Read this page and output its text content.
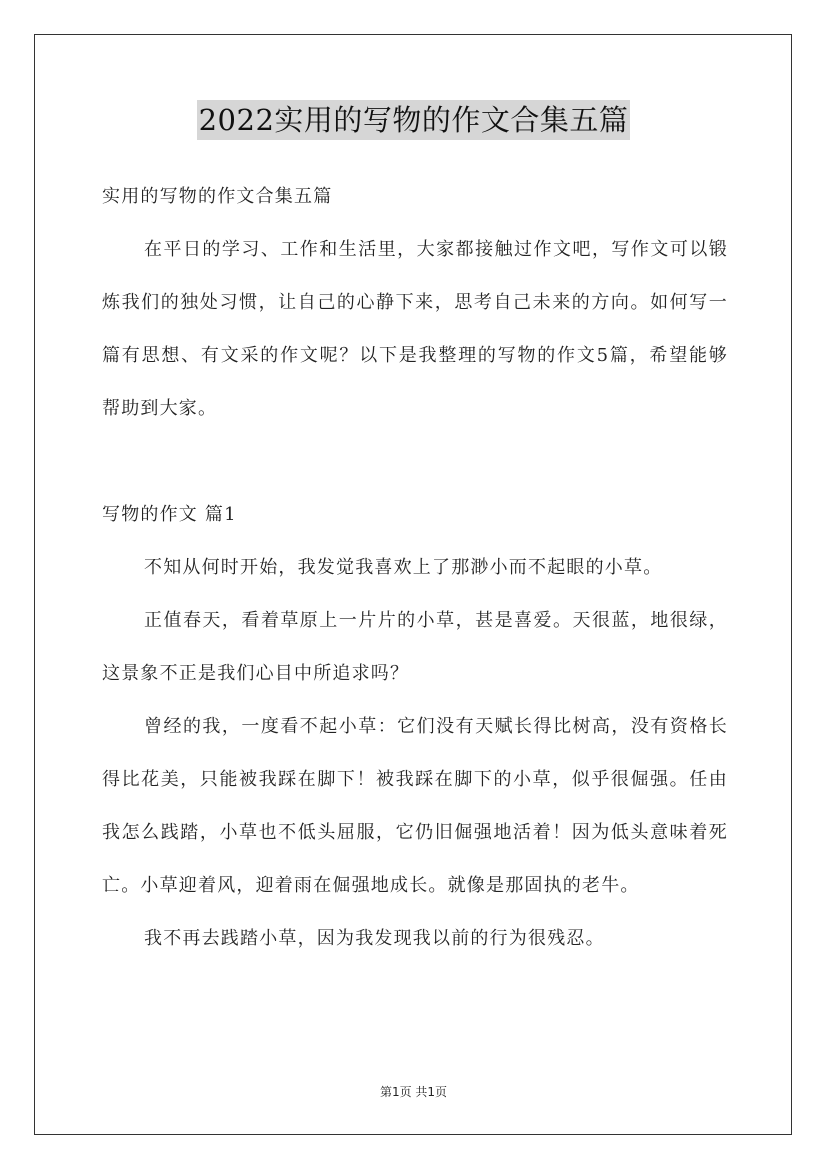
2022实用的写物的作文合集五篇

实用的写物的作文合集五篇

在平日的学习、工作和生活里，大家都接触过作文吧，写作文可以锻炼我们的独处习惯，让自己的心静下来，思考自己未来的方向。如何写一篇有思想、有文采的作文呢？以下是我整理的写物的作文5篇，希望能够帮助到大家。

写物的作文 篇1

不知从何时开始，我发觉我喜欢上了那渺小而不起眼的小草。

正值春天，看着草原上一片片的小草，甚是喜爱。天很蓝，地很绿，这景象不正是我们心目中所追求吗？

曾经的我，一度看不起小草：它们没有天赋长得比树高，没有资格长得比花美，只能被我踩在脚下！被我踩在脚下的小草，似乎很倔强。任由我怎么践踏，小草也不低头屈服，它仍旧倔强地活着！因为低头意味着死亡。小草迎着风，迎着雨在倔强地成长。就像是那固执的老牛。

我不再去践踏小草，因为我发现我以前的行为很残忍。

第1页 共1页
